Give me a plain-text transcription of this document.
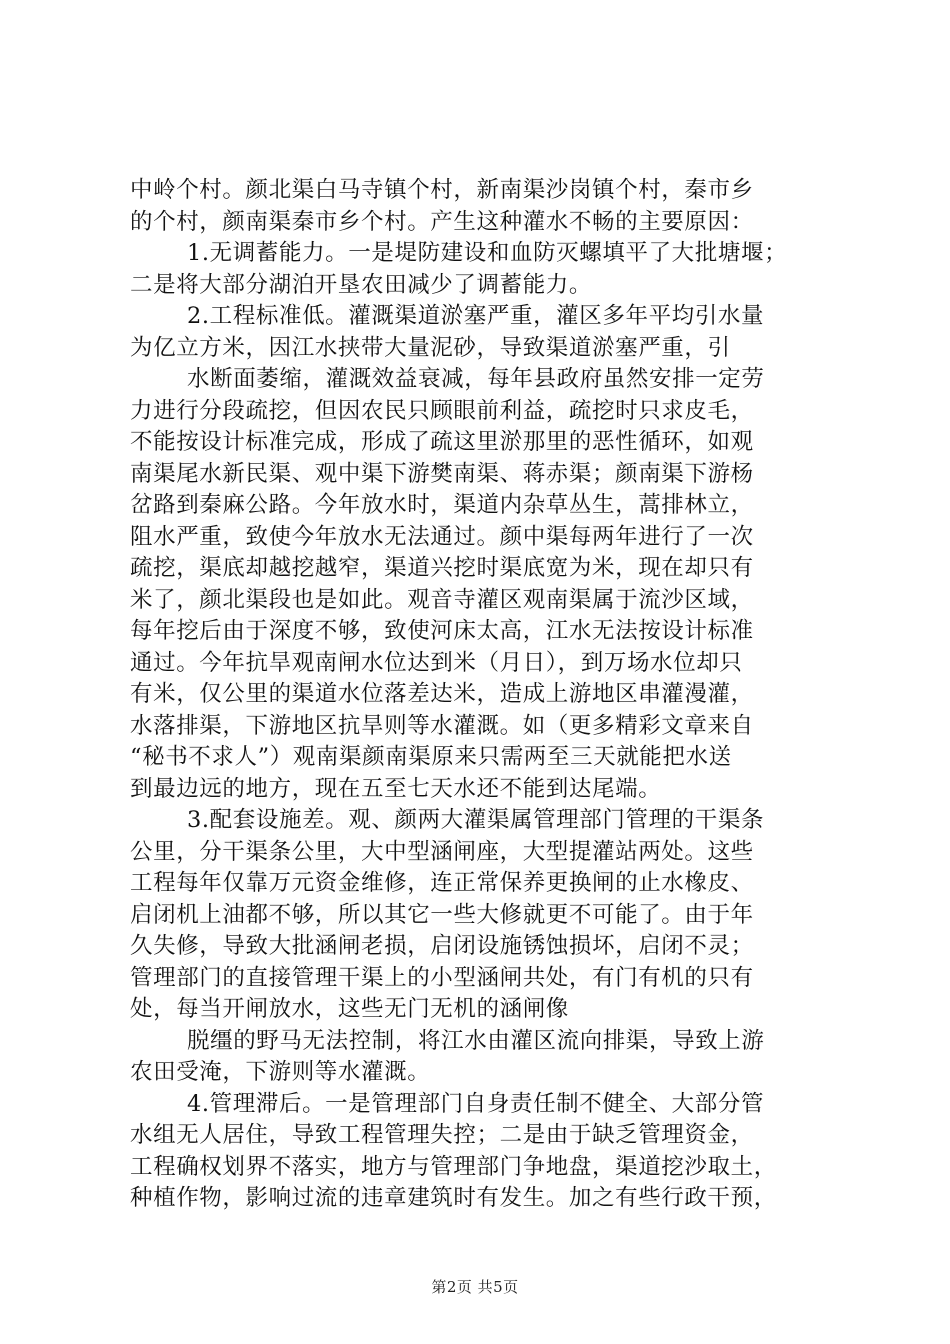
中岭个村。颜北渠白马寺镇个村，新南渠沙岗镇个村，秦市乡
的个村，颜南渠秦市乡个村。产生这种灌水不畅的主要原因：
1.无调蓄能力。一是堤防建设和血防灭螺填平了大批塘堰；
二是将大部分湖泊开垦农田减少了调蓄能力。
2.工程标准低。灌溉渠道淤塞严重，灌区多年平均引水量
为亿立方米，因江水挟带大量泥砂，导致渠道淤塞严重，引
水断面萎缩，灌溉效益衰减，每年县政府虽然安排一定劳
力进行分段疏挖，但因农民只顾眼前利益，疏挖时只求皮毛，
不能按设计标准完成，形成了疏这里淤那里的恶性循环，如观
南渠尾水新民渠、观中渠下游樊南渠、蒋赤渠；颜南渠下游杨
岔路到秦麻公路。今年放水时，渠道内杂草丛生，蒿排林立，
阻水严重，致使今年放水无法通过。颜中渠每两年进行了一次
疏挖，渠底却越挖越窄，渠道兴挖时渠底宽为米，现在却只有
米了，颜北渠段也是如此。观音寺灌区观南渠属于流沙区域，
每年挖后由于深度不够，致使河床太高，江水无法按设计标准
通过。今年抗旱观南闸水位达到米（月日），到万场水位却只
有米，仅公里的渠道水位落差达米，造成上游地区串灌漫灌，
水落排渠，下游地区抗旱则等水灌溉。如（更多精彩文章来自
“秘书不求人”）观南渠颜南渠原来只需两至三天就能把水送
到最边远的地方，现在五至七天水还不能到达尾端。
3.配套设施差。观、颜两大灌渠属管理部门管理的干渠条
公里，分干渠条公里，大中型涵闸座，大型提灌站两处。这些
工程每年仅靠万元资金维修，连正常保养更换闸的止水橡皮、
启闭机上油都不够，所以其它一些大修就更不可能了。由于年
久失修，导致大批涵闸老损，启闭设施锈蚀损坏，启闭不灵；
管理部门的直接管理干渠上的小型涵闸共处，有门有机的只有
处，每当开闸放水，这些无门无机的涵闸像
脱缰的野马无法控制，将江水由灌区流向排渠，导致上游
农田受淹，下游则等水灌溉。
4.管理滞后。一是管理部门自身责任制不健全、大部分管
水组无人居住，导致工程管理失控；二是由于缺乏管理资金，
工程确权划界不落实，地方与管理部门争地盘，渠道挖沙取土，
种植作物，影响过流的违章建筑时有发生。加之有些行政干预，
第2页 共5页
